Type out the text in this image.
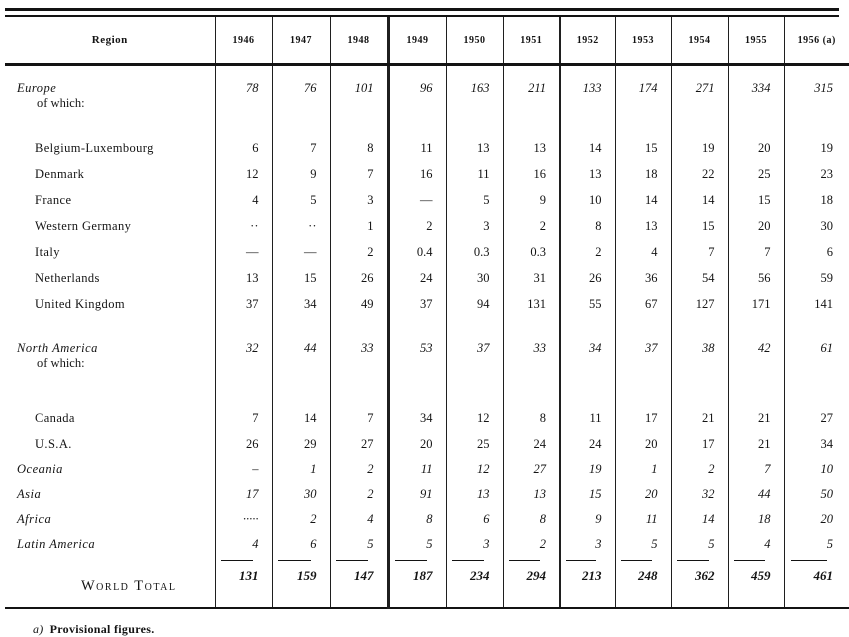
Region	1946	1947	1948	1949	1950	1951	1952	1953	1954	1955	1956 (a)

Europe
of which:	78	76	101	96	163	211	133	174	271	334	315

Belgium-Luxembourg	6	7	8	11	13	13	14	15	19	20	19

Denmark	12	9	7	16	11	16	13	18	22	25	23

France	4	5	3	—	5	9	10	14	14	15	18

Western Germany	··	··	1	2	3	2	8	13	15	20	30

Italy	—	—	2	0.4	0.3	0.3	2	4	7	7	6

Netherlands	13	15	26	24	30	31	26	36	54	56	59

United Kingdom	37	34	49	37	94	131	55	67	127	171	141

North America
of which:	32	44	33	53	37	33	34	37	38	42	61

Canada	7	14	7	34	12	8	11	17	21	21	27

U.S.A.	26	29	27	20	25	24	24	20	17	21	34

Oceania	–	1	2	11	12	27	19	1	2	7	10

Asia	17	30	2	91	13	13	15	20	32	44	50

Africa	·····	2	4	8	6	8	9	11	14	18	20

Latin America	4	6	5	5	3	2	3	5	5	4	5

World Total	131	159	147	187	234	294	213	248	362	459	461
a) Provisional figures.
